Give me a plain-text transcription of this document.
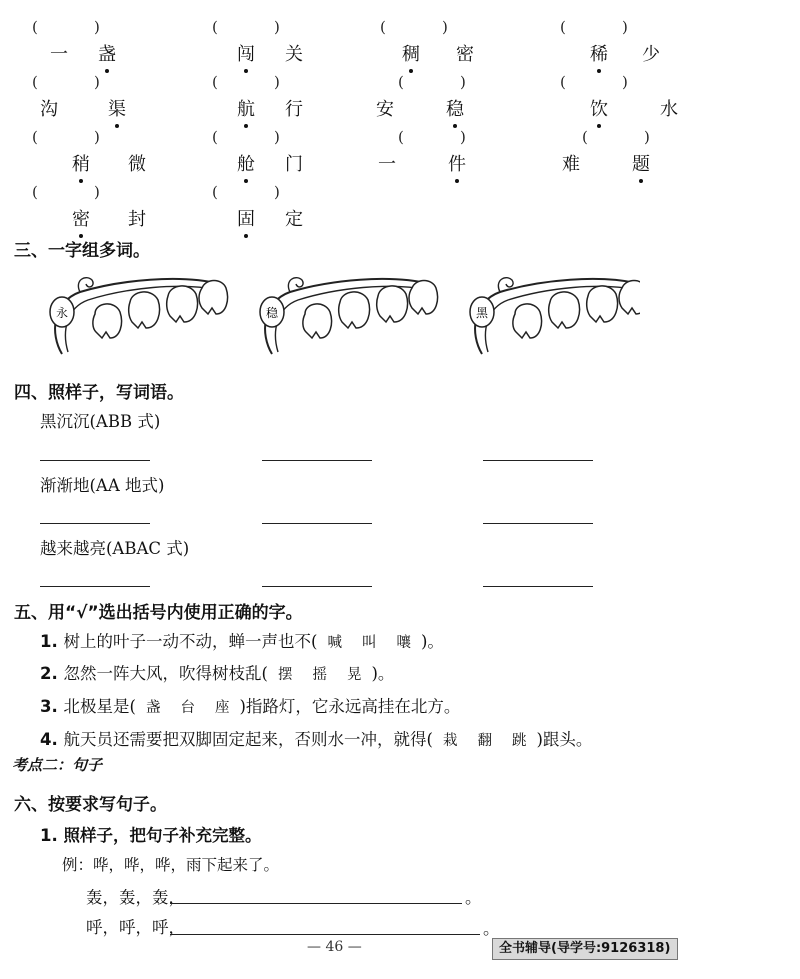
(	)
一 盏
(	)
闯 关
(	)
稠 密
(	)
稀 少
(	)
沟	渠
(	)
航 行
(	)
安	稳
(	)
饮	水
(	)
稍 微
(	)
舱 门
(	)
一	件
(	)
难	题
(	)
密 封
(	)
固 定
三、一字组多词。
永	稳	黑
四、照样子，写词语。
黑沉沉(ABB 式)
渐渐地(AA 地式)
越来越亮(ABAC 式)
五、用“√”选出括号内使用正确的字。
1. 树上的叶子一动不动，蝉一声也不( 喊 叫 嚷 )。
2. 忽然一阵大风，吹得树枝乱( 摆 摇 晃 )。
3. 北极星是( 盏 台 座 )指路灯，它永远高挂在北方。
4. 航天员还需要把双脚固定起来，否则水一冲，就得( 栽 翻 跳 )跟头。
考点二：句子
六、按要求写句子。
1. 照样子，把句子补充完整。
例：哗，哗，哗，雨下起来了。
轰，轰，轰，	。
呼，呼，呼，	。
— 46 —	全书辅导(导学号:9126318)
